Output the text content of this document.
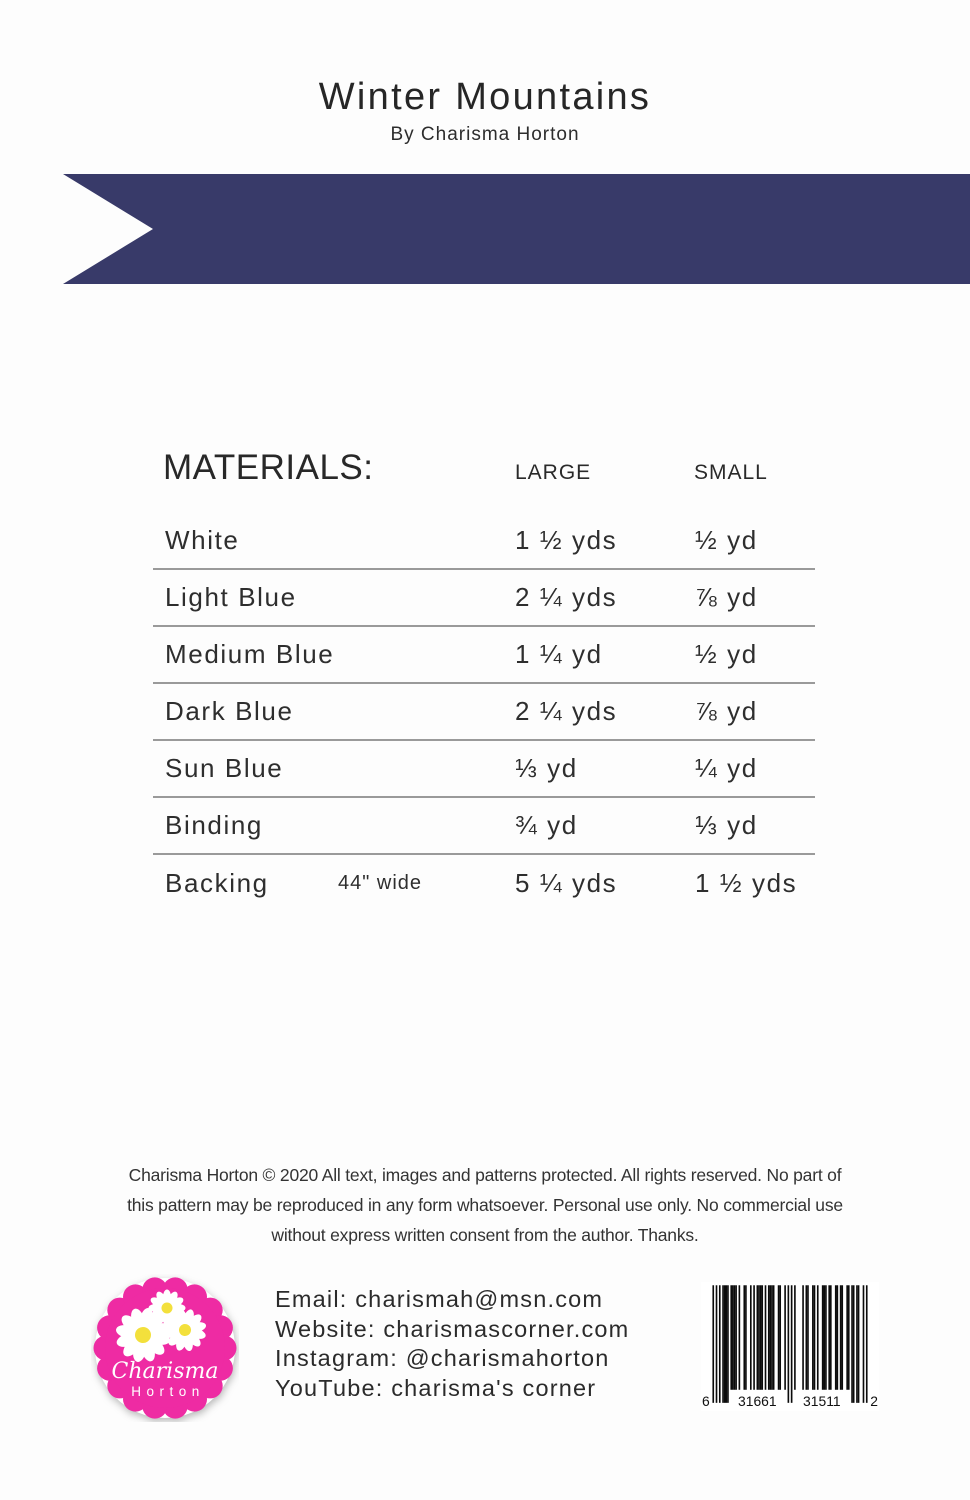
Winter Mountains
By Charisma Horton
MATERIALS:	LARGE	SMALL
White	1 ½ yds	½ yd
Light Blue	2 ¼ yds	⅞ yd
Medium Blue	1 ¼ yd	½ yd
Dark Blue	2 ¼ yds	⅞ yd
Sun Blue	⅓ yd	¼ yd
Binding	¾ yd	⅓ yd
Backing	44" wide	5 ¼ yds	1 ½ yds
Charisma Horton © 2020 All text, images and patterns protected. All rights reserved. No part of
this pattern may be reproduced in any form whatsoever. Personal use only. No commercial use
without express written consent from the author. Thanks.
Charisma
Horton
Email: charismah@msn.com
Website: charismascorner.com
Instagram: @charismahorton
YouTube: charisma's corner
6	31661	31511	2
